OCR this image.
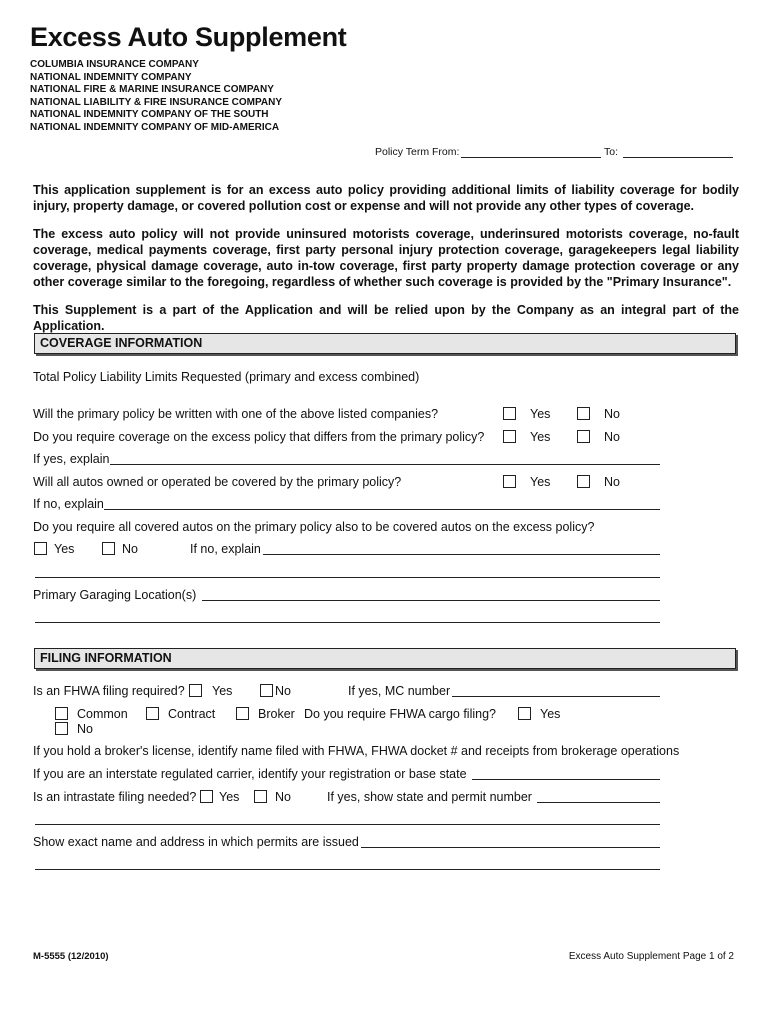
Excess Auto Supplement
COLUMBIA INSURANCE COMPANY
NATIONAL INDEMNITY COMPANY
NATIONAL FIRE & MARINE INSURANCE COMPANY
NATIONAL LIABILITY & FIRE INSURANCE COMPANY
NATIONAL INDEMNITY COMPANY OF THE SOUTH
NATIONAL INDEMNITY COMPANY OF MID-AMERICA
Policy Term From:	To:
This application supplement is for an excess auto policy providing additional limits of liability coverage for bodily injury, property damage, or covered pollution cost or expense and will not provide any other types of coverage.
The excess auto policy will not provide uninsured motorists coverage, underinsured motorists coverage, no-fault coverage, medical payments coverage, first party personal injury protection coverage, garagekeepers legal liability coverage, physical damage coverage, auto in-tow coverage, first party property damage protection coverage or any other coverage similar to the foregoing, regardless of whether such coverage is provided by the "Primary Insurance".
This Supplement is a part of the Application and will be relied upon by the Company as an integral part of the Application.
COVERAGE INFORMATION
Total Policy Liability Limits Requested (primary and excess combined)
Will the primary policy be written with one of the above listed companies?	Yes	No
Do you require coverage on the excess policy that differs from the primary policy?	Yes	No
If yes, explain
Will all autos owned or operated be covered by the primary policy?	Yes	No
If no, explain
Do you require all covered autos on the primary policy also to be covered autos on the excess policy?
Yes	No	If no, explain
Primary Garaging Location(s)
FILING INFORMATION
Is an FHWA filing required? Yes	No	If yes, MC number
Common	Contract	Broker Do you require FHWA cargo filing?	Yes
No
If you hold a broker's license, identify name filed with FHWA, FHWA docket # and receipts from brokerage operations
If you are an interstate regulated carrier, identify your registration or base state
Is an intrastate filing needed? Yes	No	If yes, show state and permit number
Show exact name and address in which permits are issued
M-5555 (12/2010)	Excess Auto Supplement Page 1 of 2
